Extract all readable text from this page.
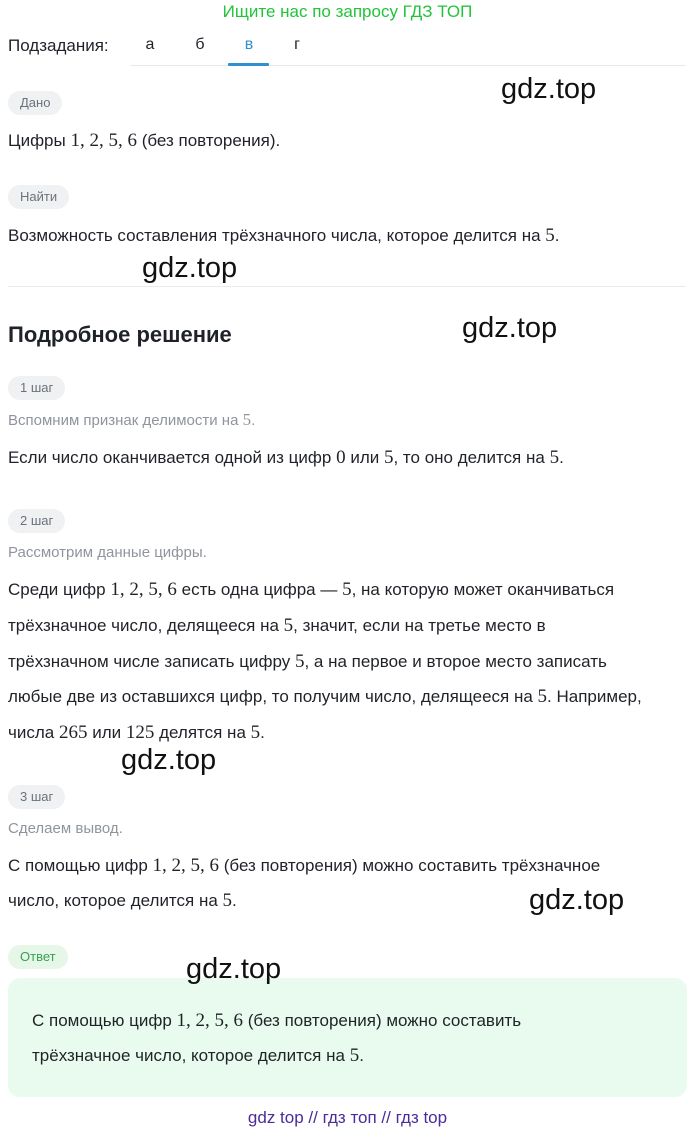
Ищите нас по запросу ГДЗ ТОП
Подзадания:	а	б	в	г
Дано
Цифры 1, 2, 5, 6 (без повторения).
Найти
Возможность составления трёхзначного числа, которое делится на 5.
Подробное решение
1 шаг
Вспомним признак делимости на 5.
Если число оканчивается одной из цифр 0 или 5, то оно делится на 5.
2 шаг
Рассмотрим данные цифры.
Среди цифр 1, 2, 5, 6 есть одна цифра — 5, на которую может оканчиваться
трёхзначное число, делящееся на 5, значит, если на третье место в
трёхзначном числе записать цифру 5, а на первое и второе место записать
любые две из оставшихся цифр, то получим число, делящееся на 5. Например,
числа 265 или 125 делятся на 5.
3 шаг
Сделаем вывод.
С помощью цифр 1, 2, 5, 6 (без повторения) можно составить трёхзначное
число, которое делится на 5.
Ответ
С помощью цифр 1, 2, 5, 6 (без повторения) можно составить
трёхзначное число, которое делится на 5.
gdz.top
gdz.top
gdz.top
gdz.top
gdz.top
gdz.top
gdz top // гдз топ // гдз top
